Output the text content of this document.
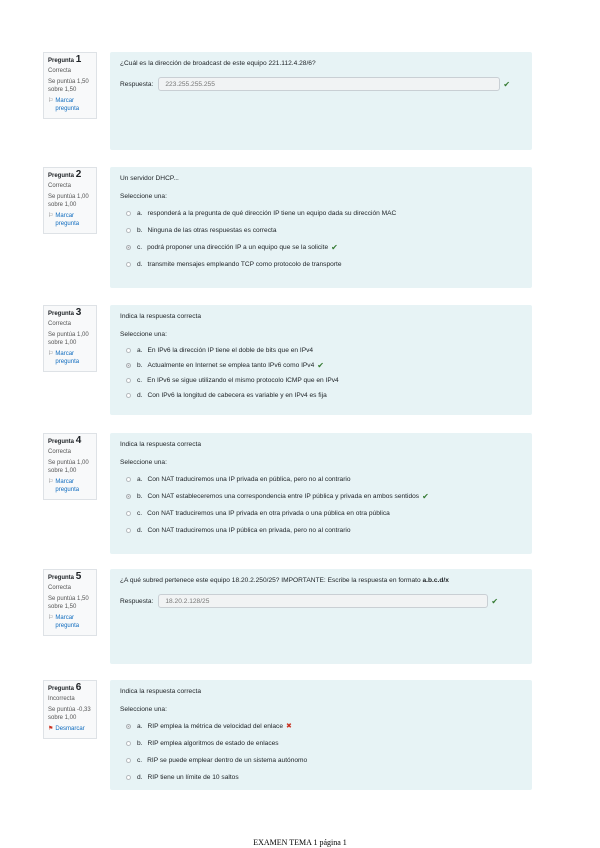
Pregunta 1
Correcta
Se puntúa 1,50 sobre 1,50
⚐ Marcar pregunta
¿Cuál es la dirección de broadcast de este equipo 221.112.4.28/6?
Respuesta:	223.255.255.255	✔
Pregunta 2
Correcta
Se puntúa 1,00 sobre 1,00
⚐ Marcar pregunta
Un servidor DHCP...
Seleccione una:
a. responderá a la pregunta de qué dirección IP tiene un equipo dada su dirección MAC
b. Ninguna de las otras respuestas es correcta
c. podrá proponer una dirección IP a un equipo que se la solicite ✔
d. transmite mensajes empleando TCP como protocolo de transporte
Pregunta 3
Correcta
Se puntúa 1,00 sobre 1,00
⚐ Marcar pregunta
Indica la respuesta correcta
Seleccione una:
a. En IPv6 la dirección IP tiene el doble de bits que en IPv4
b. Actualmente en Internet se emplea tanto IPv6 como IPv4 ✔
c. En IPv6 se sigue utilizando el mismo protocolo ICMP que en IPv4
d. Con IPv6 la longitud de cabecera es variable y en IPv4 es fija
Pregunta 4
Correcta
Se puntúa 1,00 sobre 1,00
⚐ Marcar pregunta
Indica la respuesta correcta
Seleccione una:
a. Con NAT traduciremos una IP privada en pública, pero no al contrario
b. Con NAT estableceremos una correspondencia entre IP pública y privada en ambos sentidos ✔
c. Con NAT traduciremos una IP privada en otra privada o una pública en otra pública
d. Con NAT traduciremos una IP pública en privada, pero no al contrario
Pregunta 5
Correcta
Se puntúa 1,50 sobre 1,50
⚐ Marcar pregunta
¿A qué subred pertenece este equipo 18.20.2.250/25? IMPORTANTE: Escribe la respuesta en formato a.b.c.d/x
Respuesta:	18.20.2.128/25	✔
Pregunta 6
Incorrecta
Se puntúa -0,33 sobre 1,00
⚑ Desmarcar
Indica la respuesta correcta
Seleccione una:
a. RIP emplea la métrica de velocidad del enlace ✖
b. RIP emplea algoritmos de estado de enlaces
c. RIP se puede emplear dentro de un sistema autónomo
d. RIP tiene un límite de 10 saltos
EXAMEN TEMA 1 página 1
